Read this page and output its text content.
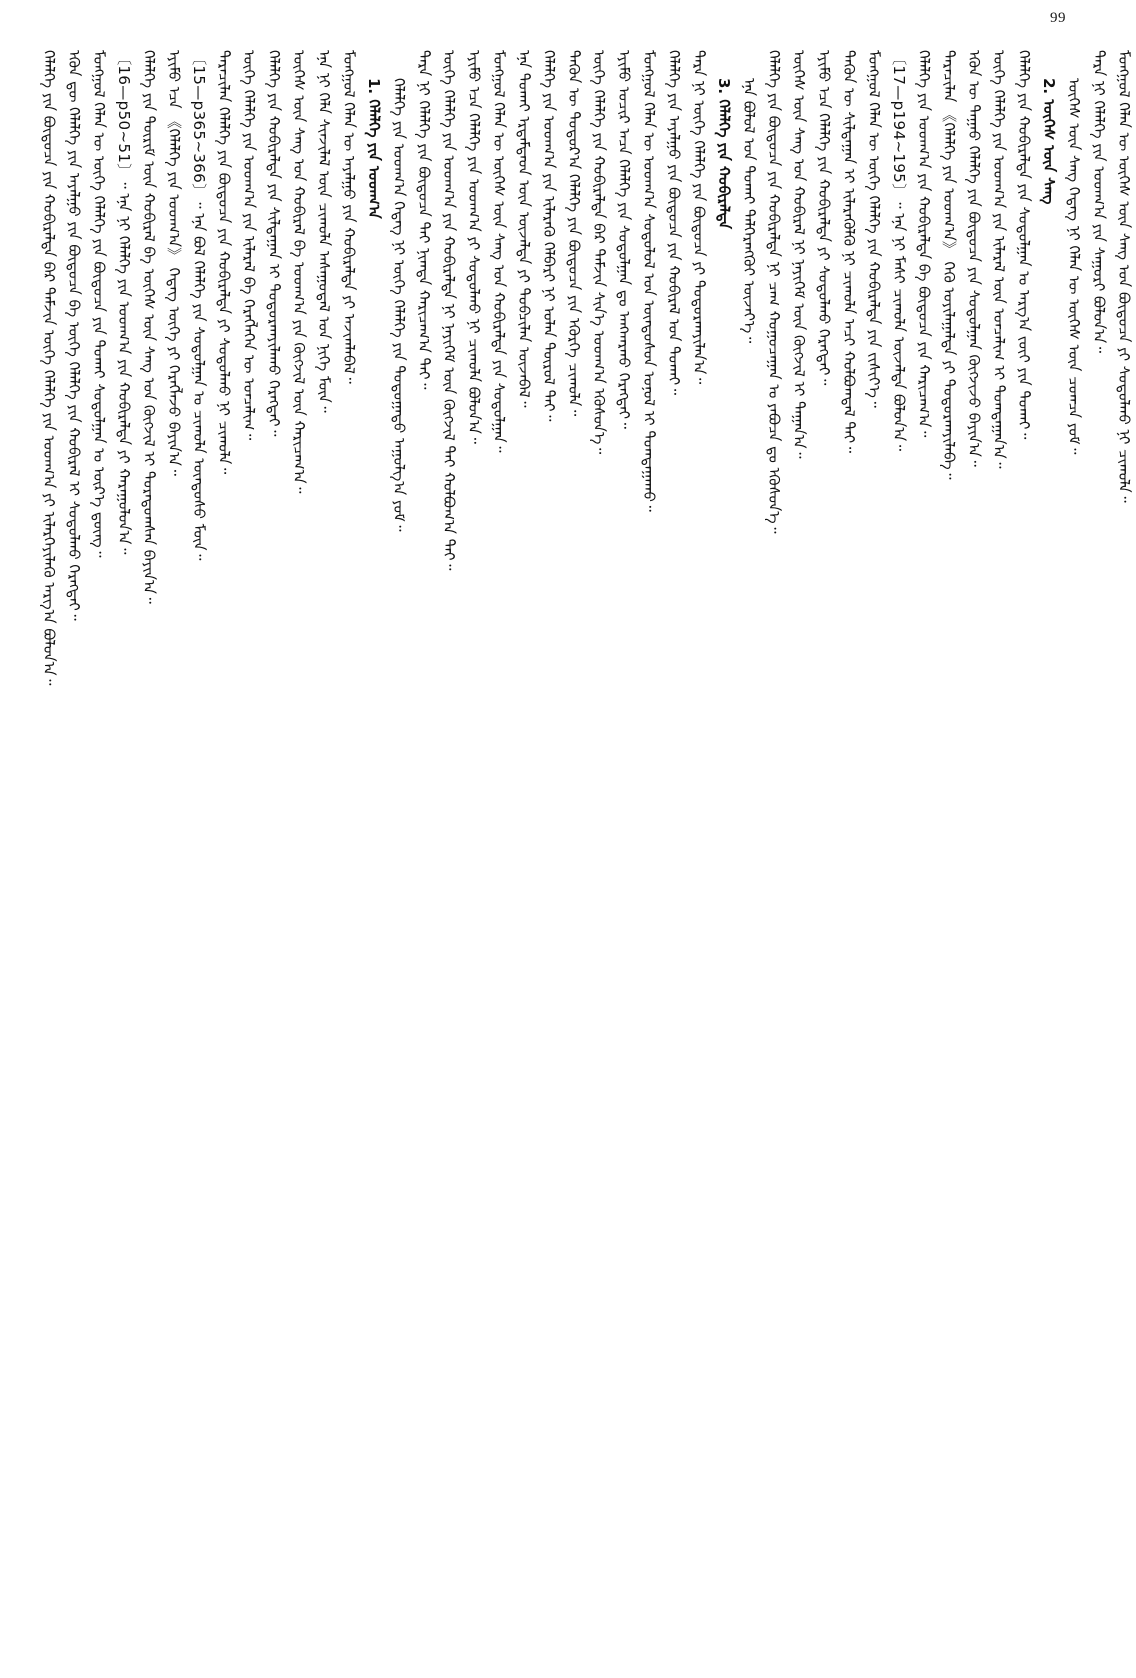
99
ᠬᠡᠯᠡᠯᠭᠡ ᠶᠢᠨ ᠪᠦᠲᠦᠴᠡ ᠶᠢᠨ ᠬᠤᠪᠢᠷᠠᠯᠲᠠ ᠪᠠᠷ ᠳᠠᠮᠵᠢᠨ ᠦᠭᠡ ᠬᠡᠯᠡᠯᠭᠡ ᠶᠢᠨ ᠤᠳᠬ᠎ᠠ ᠶᠢ ᠢᠯᠡᠷᠬᠡᠶᠢᠯᠡᠬᠦ ᠠᠷᠭ᠎ᠠ ᠪᠣᠯᠤᠨ᠎ᠠ᠃ ᠡᠭᠦᠨ ᠳᠦ ᠬᠡᠯᠡᠯᠭᠡ ᠶᠢᠨ ᠠᠶᠠᠯᠭᠤ ᠶᠢᠨ ᠪᠦᠲᠦᠴᠡ ᠪᠡ ᠦᠭᠡ ᠬᠡᠯᠡᠯᠭᠡ ᠶᠢᠨ ᠬᠤᠪᠢᠷᠠᠯ ᠢ ᠰᠤᠳᠤᠯᠬᠤ ᠬᠡᠷᠡᠭᠲᠡᠶ᠃ ᠮᠣᠩᠭᠤᠯ ᠬᠡᠯᠡᠨ ᠦ ᠦᠭᠡ ᠬᠡᠯᠡᠯᠭᠡ ᠶᠢᠨ ᠪᠦᠲᠦᠴᠡ ᠶᠢᠨ ᠲᠤᠬᠠᠢ ᠰᠤᠳᠤᠯᠭᠠᠨ ᠤ ᠦᠷ᠎ᠡ ᠳ᠋ᠦᠩ᠃ 〔16—p50~51〕᠃ ᠡᠨᠡ ᠨᠢ ᠬᠡᠯᠡᠯᠭᠡ ᠶᠢᠨ ᠤᠳᠬ᠎ᠠ ᠶᠢᠨ ᠬᠤᠪᠢᠷᠠᠯᠲᠠ ᠶᠢ ᠬᠠᠷᠠᠭᠤᠯᠤᠨ᠎ᠠ᠃ ᠬᠡᠯᠡᠯᠭᠡ ᠶᠢᠨ ᠳᠦᠷᠢᠮ ᠦᠨ ᠬᠤᠪᠢᠷᠠᠯ ᠪᠠ ᠦᠭᠡᠰ ᠦᠨ ᠰᠠᠩ ᠤᠨ ᠬᠦᠭᠵᠢᠯ ᠢ ᠳᠤᠷᠠᠳᠤᠭᠰᠠᠨ ᠪᠠᠶᠢᠨ᠎ᠠ᠃ ᠡᠶᠢᠮᠦ ᠡᠴᠡ 《ᠬᠡᠯᠡᠯᠭᠡ ᠶᠢᠨ ᠤᠳᠬ᠎ᠠ》 ᠭᠡᠳᠡᠭ ᠦᠭᠡ ᠶᠢ ᠬᠡᠷᠡᠭᠯᠡᠵᠦ ᠪᠠᠶᠢᠨ᠎ᠠ᠃ 〔15—p365~366〕᠃ ᠡᠨᠡ ᠪᠣᠯ ᠬᠡᠯᠡᠯᠭᠡ ᠶᠢᠨ ᠰᠤᠳᠤᠯᠭᠠᠨ ᠤ ᠴᠢᠬᠤᠯᠠ ᠦᠨᠳᠦᠰᠦ ᠮᠦᠨ᠃ ᠲᠡᠷᠡᠴᠢᠯᠡᠨ ᠬᠡᠯᠡᠯᠭᠡ ᠶᠢᠨ ᠪᠦᠲᠦᠴᠡ ᠶᠢᠨ ᠬᠤᠪᠢᠷᠠᠯᠲᠠ ᠶᠢ ᠰᠤᠳᠤᠯᠬᠤ ᠨᠢ ᠴᠢᠬᠤᠯᠠ᠃ ᠦᠭᠡ ᠬᠡᠯᠡᠯᠭᠡ ᠶᠢᠨ ᠤᠳᠬ᠎ᠠ ᠶᠢᠨ ᠢᠯᠡᠷᠡᠯ ᠪᠠ ᠬᠡᠷᠡᠭᠯᠡᠭᠡᠨ ᠦ ᠣᠨᠴᠠᠯᠢᠭ᠃ ᠬᠡᠯᠡᠯᠭᠡ ᠶᠢᠨ ᠬᠤᠪᠢᠷᠠᠯᠲᠠ ᠶᠢᠨ ᠰᠢᠯᠲᠠᠭᠠᠨ ᠢ ᠲᠣᠳᠣᠷᠬᠠᠶᠢᠯᠠᠬᠤ ᠬᠡᠷᠡᠭᠲᠡᠶ᠃ ᠦᠭᠡᠰ ᠦᠨ ᠰᠠᠩ ᠤᠨ ᠬᠤᠪᠢᠷᠠᠯ ᠪᠠ ᠤᠳᠬ᠎ᠠ ᠶᠢᠨ ᠬᠦᠭᠵᠢᠯ ᠦᠨ ᠬᠠᠷᠢᠴᠠᠭ᠎ᠠ᠃ ᠡᠨᠡ ᠨᠢ ᠬᠡᠯᠡ ᠰᠢᠨᠵᠢᠯᠡᠯ ᠦᠨ ᠴᠢᠬᠤᠯᠠ ᠠᠰᠠᠭᠤᠳᠠᠯ ᠤᠨ ᠨᠢᠭᠡ ᠮᠦᠨ᠃ ᠮᠣᠩᠭᠤᠯ ᠬᠡᠯᠡᠨ ᠦ ᠠᠶᠠᠯᠭᠤ ᠶᠢᠨ ᠬᠤᠪᠢᠷᠠᠯᠲᠠ ᠶᠢ ᠠᠵᠢᠭᠯᠠᠪᠠᠯ᠃ 1. ᠬᠡᠯᠡᠯᠭᠡ ᠶᠢᠨ ᠤᠳᠬ᠎ᠠ ᠬᠡᠯᠡᠯᠭᠡ ᠶᠢᠨ ᠤᠳᠬ᠎ᠠ ᠭᠡᠳᠡᠭ ᠨᠢ ᠦᠭᠡ ᠬᠡᠯᠡᠯᠭᠡ ᠶᠢᠨ ᠳᠣᠲᠣᠭᠠᠳᠤ ᠠᠭᠤᠯᠭ᠎ᠠ ᠶᠤᠮ᠃ ᠲᠡᠷᠡ ᠨᠢ ᠬᠡᠯᠡᠯᠭᠡ ᠶᠢᠨ ᠪᠦᠲᠦᠴᠡ ᠲᠡᠶ ᠨᠢᠭᠲᠠ ᠬᠠᠷᠢᠴᠠᠭ᠎ᠠ ᠲᠠᠶ᠃ ᠦᠭᠡ ᠬᠡᠯᠡᠯᠭᠡ ᠶᠢᠨ ᠤᠳᠬ᠎ᠠ ᠶᠢᠨ ᠬᠤᠪᠢᠷᠠᠯᠲᠠ ᠨᠢ ᠨᠡᠶᠢᠭᠡᠮ ᠦᠨ ᠬᠦᠭᠵᠢᠯ ᠲᠡᠶ ᠬᠣᠯᠪᠣᠭ᠎ᠠ ᠲᠠᠶ᠃ ᠡᠶᠢᠮᠦ ᠡᠴᠡ ᠬᠡᠯᠡᠯᠭᠡ ᠶᠢᠨ ᠤᠳᠬ᠎ᠠ ᠶᠢ ᠰᠤᠳᠤᠯᠬᠤ ᠨᠢ ᠴᠢᠬᠤᠯᠠ ᠪᠣᠯᠤᠨ᠎ᠠ᠃ ᠮᠣᠩᠭᠤᠯ ᠬᠡᠯᠡᠨ ᠦ ᠦᠭᠡᠰ ᠦᠨ ᠰᠠᠩ ᠤᠨ ᠬᠤᠪᠢᠷᠠᠯᠲᠠ ᠶᠢᠨ ᠰᠤᠳᠤᠯᠭᠠᠨ᠃ ᠡᠨᠡ ᠲᠤᠬᠠᠢ ᠡᠷᠳᠡᠮᠲᠡᠳ ᠦᠨ ᠦᠵᠡᠯᠲᠡ ᠶᠢ ᠲᠣᠪᠴᠢᠯᠠᠨ ᠦᠵᠡᠪᠡᠯ᠃ ᠬᠡᠯᠡᠯᠭᠡ ᠶᠢᠨ ᠤᠳᠬ᠎ᠠ ᠶᠢᠨ ᠢᠯᠡᠷᠡᠬᠦ ᠬᠡᠯᠪᠡᠷᠢ ᠨᠢ ᠣᠯᠠᠨ ᠲᠦᠷᠦᠯ ᠲᠡᠶ᠃ ᠲᠡᠭᠦᠨ ᠦ ᠳᠣᠲᠣᠷ᠎ᠠ ᠬᠡᠯᠡᠯᠭᠡ ᠶᠢᠨ ᠪᠦᠲᠦᠴᠡ ᠶᠢᠨ ᠡᠭᠦᠷᠭᠡ ᠴᠢᠬᠤᠯᠠ᠃ ᠦᠭᠡ ᠬᠡᠯᠡᠯᠭᠡ ᠶᠢᠨ ᠬᠤᠪᠢᠷᠠᠯᠲᠠ ᠪᠠᠷ ᠳᠠᠮᠵᠢᠨ ᠰᠢᠨ᠎ᠡ ᠤᠳᠬ᠎ᠠ ᠡᠭᠦᠰᠦᠨ᠎ᠡ᠃ ᠡᠶᠢᠮᠦ ᠤᠴᠢᠷ ᠠᠴᠠ ᠬᠡᠯᠡᠯᠭᠡ ᠶᠢᠨ ᠰᠤᠳᠤᠯᠭᠠᠨ ᠳᠤ ᠠᠩᠬᠠᠷᠬᠤ ᠬᠡᠷᠡᠭᠲᠡᠶ᠃ ᠮᠣᠩᠭᠤᠯ ᠬᠡᠯᠡᠨ ᠦ ᠤᠳᠬ᠎ᠠ ᠰᠤᠳᠤᠯᠤᠯ ᠤᠨ ᠦᠨᠳᠦᠰᠦᠨ ᠣᠨᠣᠯ ᠢ ᠲᠣᠭᠲᠠᠭᠠᠬᠤ᠃ ᠬᠡᠯᠡᠯᠭᠡ ᠶᠢᠨ ᠠᠶᠠᠯᠭᠤ ᠶᠢᠨ ᠪᠦᠲᠦᠴᠡ ᠶᠢᠨ ᠬᠤᠪᠢᠷᠠᠯ ᠤᠨ ᠲᠤᠬᠠᠶ᠃ ᠲᠡᠷᠡ ᠨᠢ ᠦᠭᠡ ᠬᠡᠯᠡᠯᠭᠡ ᠶᠢᠨ ᠪᠦᠲᠦᠴᠡ ᠶᠢ ᠲᠣᠳᠣᠷᠬᠠᠶᠢᠯᠠᠨ᠎ᠠ᠃ 3. ᠬᠡᠯᠡᠯᠭᠡ ᠶᠢᠨ ᠬᠤᠪᠢᠷᠠᠯᠲᠠ ᠡᠨᠡ ᠪᠣᠯᠤᠯ ᠤᠨ ᠲᠤᠬᠠᠶ ᠳᠡᠯᠭᠡᠷᠡᠩᠭᠦᠶ ᠦᠵᠡᠶ᠎ᠡ᠃ ᠬᠡᠯᠡᠯᠭᠡ ᠶᠢᠨ ᠪᠦᠲᠦᠴᠡ ᠶᠢᠨ ᠬᠤᠪᠢᠷᠠᠯᠲᠠ ᠨᠢ ᠴᠠᠭ ᠬᠤᠭᠤᠴᠠᠭᠠᠨ ᠤ ᠶᠠᠪᠤᠴᠠ ᠳᠤ ᠡᠭᠦᠰᠦᠨ᠎ᠡ᠃ ᠦᠭᠡᠰ ᠦᠨ ᠰᠠᠩ ᠤᠨ ᠬᠤᠪᠢᠷᠠᠯ ᠨᠢ ᠨᠡᠶᠢᠭᠡᠮ ᠦᠨ ᠬᠦᠭᠵᠢᠯ ᠢ ᠳᠠᠭᠠᠨ᠎ᠠ᠃ ᠡᠶᠢᠮᠦ ᠡᠴᠡ ᠬᠡᠯᠡᠯᠭᠡ ᠶᠢᠨ ᠬᠤᠪᠢᠷᠠᠯᠲᠠ ᠶᠢ ᠰᠤᠳᠤᠯᠬᠤ ᠬᠡᠷᠡᠭᠲᠡᠶ᠃ ᠲᠡᠭᠦᠨ ᠦ ᠰᠢᠯᠲᠠᠭᠠᠨ ᠢ ᠢᠯᠡᠷᠡᠭᠦᠯᠬᠦ ᠨᠢ ᠴᠢᠬᠤᠯᠠ ᠠᠴᠢ ᠬᠣᠯᠪᠣᠭᠳᠠᠯ ᠲᠠᠶ᠃ ᠮᠣᠩᠭᠤᠯ ᠬᠡᠯᠡᠨ ᠦ ᠦᠭᠡ ᠬᠡᠯᠡᠯᠭᠡ ᠶᠢᠨ ᠬᠤᠪᠢᠷᠠᠯᠲᠠ ᠶᠢᠨ ᠵᠢᠱᠢᠶ᠎ᠡ᠃ 〔17—p194~195〕᠃ ᠡᠨᠡ ᠨᠢ ᠮᠠᠰᠢ ᠴᠢᠬᠤᠯᠠ ᠦᠵᠡᠯᠲᠡ ᠪᠣᠯᠤᠨ᠎ᠠ᠃ ᠬᠡᠯᠡᠯᠭᠡ ᠶᠢᠨ ᠤᠳᠬ᠎ᠠ ᠶᠢᠨ ᠬᠤᠪᠢᠷᠠᠯᠲᠠ ᠪᠠ ᠪᠦᠲᠦᠴᠡ ᠶᠢᠨ ᠬᠠᠷᠢᠴᠠᠭ᠎ᠠ᠃ ᠲᠡᠷᠡᠴᠢᠯᠡᠨ 《ᠬᠡᠯᠡᠯᠭᠡ ᠶᠢᠨ ᠤᠳᠬ᠎ᠠ》 ᠭᠡᠬᠦ ᠣᠶᠢᠯᠠᠭᠠᠯᠲᠠ ᠶᠢ ᠲᠣᠳᠣᠷᠬᠠᠶᠢᠯᠠᠪᠠ᠃ ᠡᠭᠦᠨ ᠦ ᠳᠠᠭᠠᠤ ᠬᠡᠯᠡᠯᠭᠡ ᠶᠢᠨ ᠪᠦᠲᠦᠴᠡ ᠶᠢᠨ ᠰᠤᠳᠤᠯᠭᠠᠨ ᠬᠦᠭᠵᠢᠵᠦ ᠪᠠᠶᠢᠨ᠎ᠠ᠃ ᠦᠭᠡ ᠬᠡᠯᠡᠯᠭᠡ ᠶᠢᠨ ᠤᠳᠬ᠎ᠠ ᠶᠢᠨ ᠢᠯᠡᠷᠡᠯ ᠦᠨ ᠣᠨᠴᠠᠯᠢᠭ ᠢ ᠲᠣᠭᠲᠠᠭᠠᠨ᠎ᠠ᠃ ᠬᠡᠯᠡᠯᠭᠡ ᠶᠢᠨ ᠬᠤᠪᠢᠷᠠᠯᠲᠠ ᠶᠢᠨ ᠰᠤᠳᠤᠯᠭᠠᠨ ᠤ ᠠᠷᠭ᠎ᠠ ᠵᠦᠢ ᠶᠢᠨ ᠲᠤᠬᠠᠶ᠃ 2. ᠦᠭᠡᠰ ᠦᠨ ᠰᠠᠩ ᠦᠭᠡᠰ ᠦᠨ ᠰᠠᠩ ᠭᠡᠳᠡᠭ ᠨᠢ ᠬᠡᠯᠡᠨ ᠦ ᠦᠭᠡᠰ ᠦᠨ ᠴᠣᠭᠴᠠ ᠶᠤᠮ᠃ ᠲᠡᠷᠡ ᠨᠢ ᠬᠡᠯᠡᠯᠭᠡ ᠶᠢᠨ ᠤᠳᠬ᠎ᠠ ᠶᠢᠨ ᠰᠠᠭᠤᠷᠢ ᠪᠣᠯᠤᠨ᠎ᠠ᠃ ᠮᠣᠩᠭᠤᠯ ᠬᠡᠯᠡᠨ ᠦ ᠦᠭᠡᠰ ᠦᠨ ᠰᠠᠩ ᠤᠨ ᠪᠦᠲᠦᠴᠡ ᠶᠢ ᠰᠤᠳᠤᠯᠬᠤ ᠨᠢ ᠴᠢᠬᠤᠯᠠ᠃
